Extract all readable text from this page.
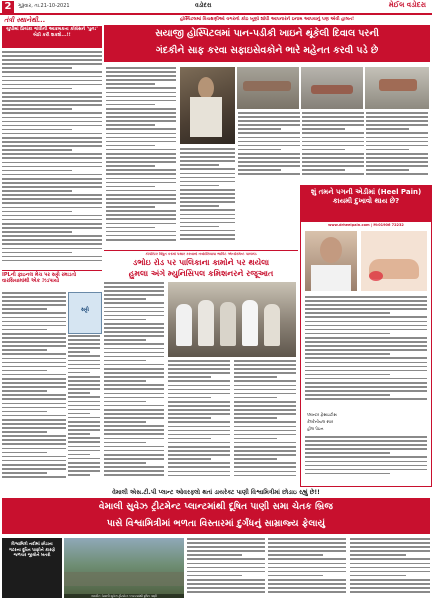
2	ગુરૂવાર, તા.21-10-2021	વડોદરા	મેઈલ વડોદરા
તંત્રી સ્થાનેથી...
યુપીમાં પ્રિયંકા ગાંધીની આક્રમકતા કોંગ્રેસને 'પુન:' બેઠી કરી શકશે...!!
હોસ્પિટલમાં વિચક્ષણીઓ વગરનો કોઇ ખૂણો શોધી આપનારને ઇનામ આપવાનું પણ એવી હાલત!
સયાજી હોસ્પિટલમાં પાન-પડીકી ખાઇને થૂંકેલી દિવાલ પરની
ગંદકીને સાફ કરવા સફાઇસેવકોને ભારે મહેનત કરવી પડે છે
શું તમને પગની એડીમાં (Heel Pain) કાયમી દુખાવો થાય છે?
www.drheelpain.com | M:01906 72232
પ્લાન્ટર ફેસાઇટીસ
કેલ્કેનીયલ સ્પર
હીલ પેઇન
IPLની ફાઇનલ મેચ પર સટ્ટો રમાડતો વારસિયામાંથી એક ઝડપાયો
સટ્ટો
કોર્પોરેટર વિધુત કરમાં પસાર કરવાનાં નવાંદરિયાપા ભાર્કિટ એન્ડોરમેન્ટ પાલખંડ
ડભોઇ રોડ પર પાલિકાના કામોને પર થયેલા
હુમલા અંગે મ્યુનિસિપલ કમિશનરને રજૂઆત
વેમાલી એસ.ટી.પી પ્લાન્ટ ઓવરફ્લો થતાં ડાયરેક્ટ પાણી વિશ્વામિત્રીમાં છોડાઇ રહ્યું છે!!
વેમાલી સુવેઝ ટ્રીટમેન્ટ પ્લાન્ટમાંથી દૂષિત પાણી સમા ચેતક બ્રિજ
પાસે વિશ્વામિત્રીમાં ભળતા વિસ્તારમાં દુર્ગંધનું સામ્રાજ્ય ફેલાયું
વિશ્વામિત્રી નદીમાં છોડાતા ગટરના દૂષિત પાણીને કારણે જળચર જીવોને ખતરો
તસવીર: વેમાલી સુવેઝ ટ્રીટમેન્ટ પ્લાન્ટમાંથી દૂષિત પાણી
